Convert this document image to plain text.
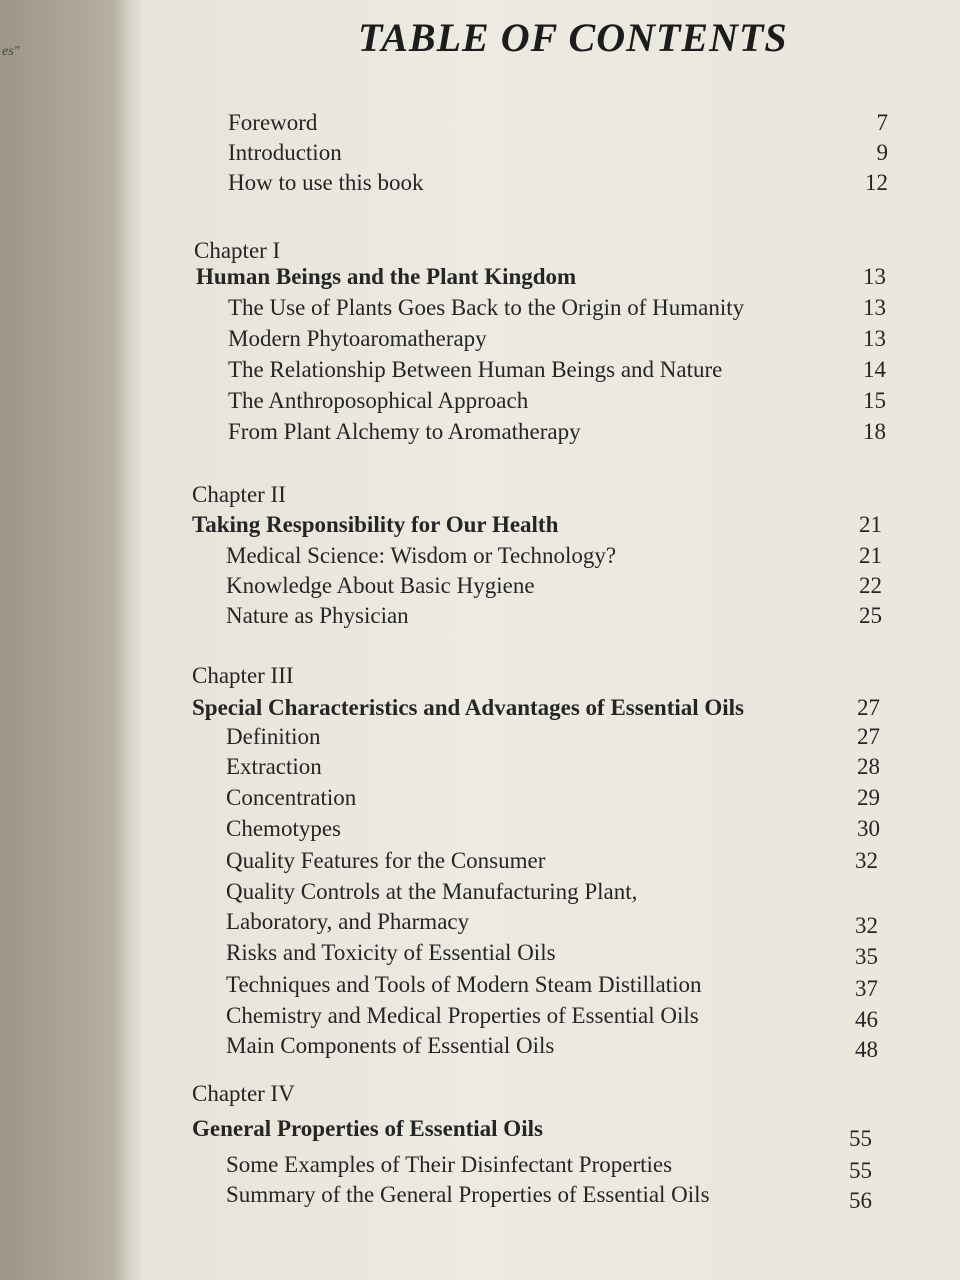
es"	TABLE OF CONTENTS
Foreword	7
Introduction	9
How to use this book	12
Chapter I
Human Beings and the Plant Kingdom	13
The Use of Plants Goes Back to the Origin of Humanity	13
Modern Phytoaromatherapy	13
The Relationship Between Human Beings and Nature	14
The Anthroposophical Approach	15
From Plant Alchemy to Aromatherapy	18
Chapter II
Taking Responsibility for Our Health	21
Medical Science: Wisdom or Technology?	21
Knowledge About Basic Hygiene	22
Nature as Physician	25
Chapter III
Special Characteristics and Advantages of Essential Oils	27
Definition	27
Extraction	28
Concentration	29
Chemotypes	30
Quality Features for the Consumer	32
Quality Controls at the Manufacturing Plant,
Laboratory, and Pharmacy	32
Risks and Toxicity of Essential Oils	35
Techniques and Tools of Modern Steam Distillation	37
Chemistry and Medical Properties of Essential Oils	46
Main Components of Essential Oils	48
Chapter IV
General Properties of Essential Oils	55
Some Examples of Their Disinfectant Properties	55
Summary of the General Properties of Essential Oils	56
